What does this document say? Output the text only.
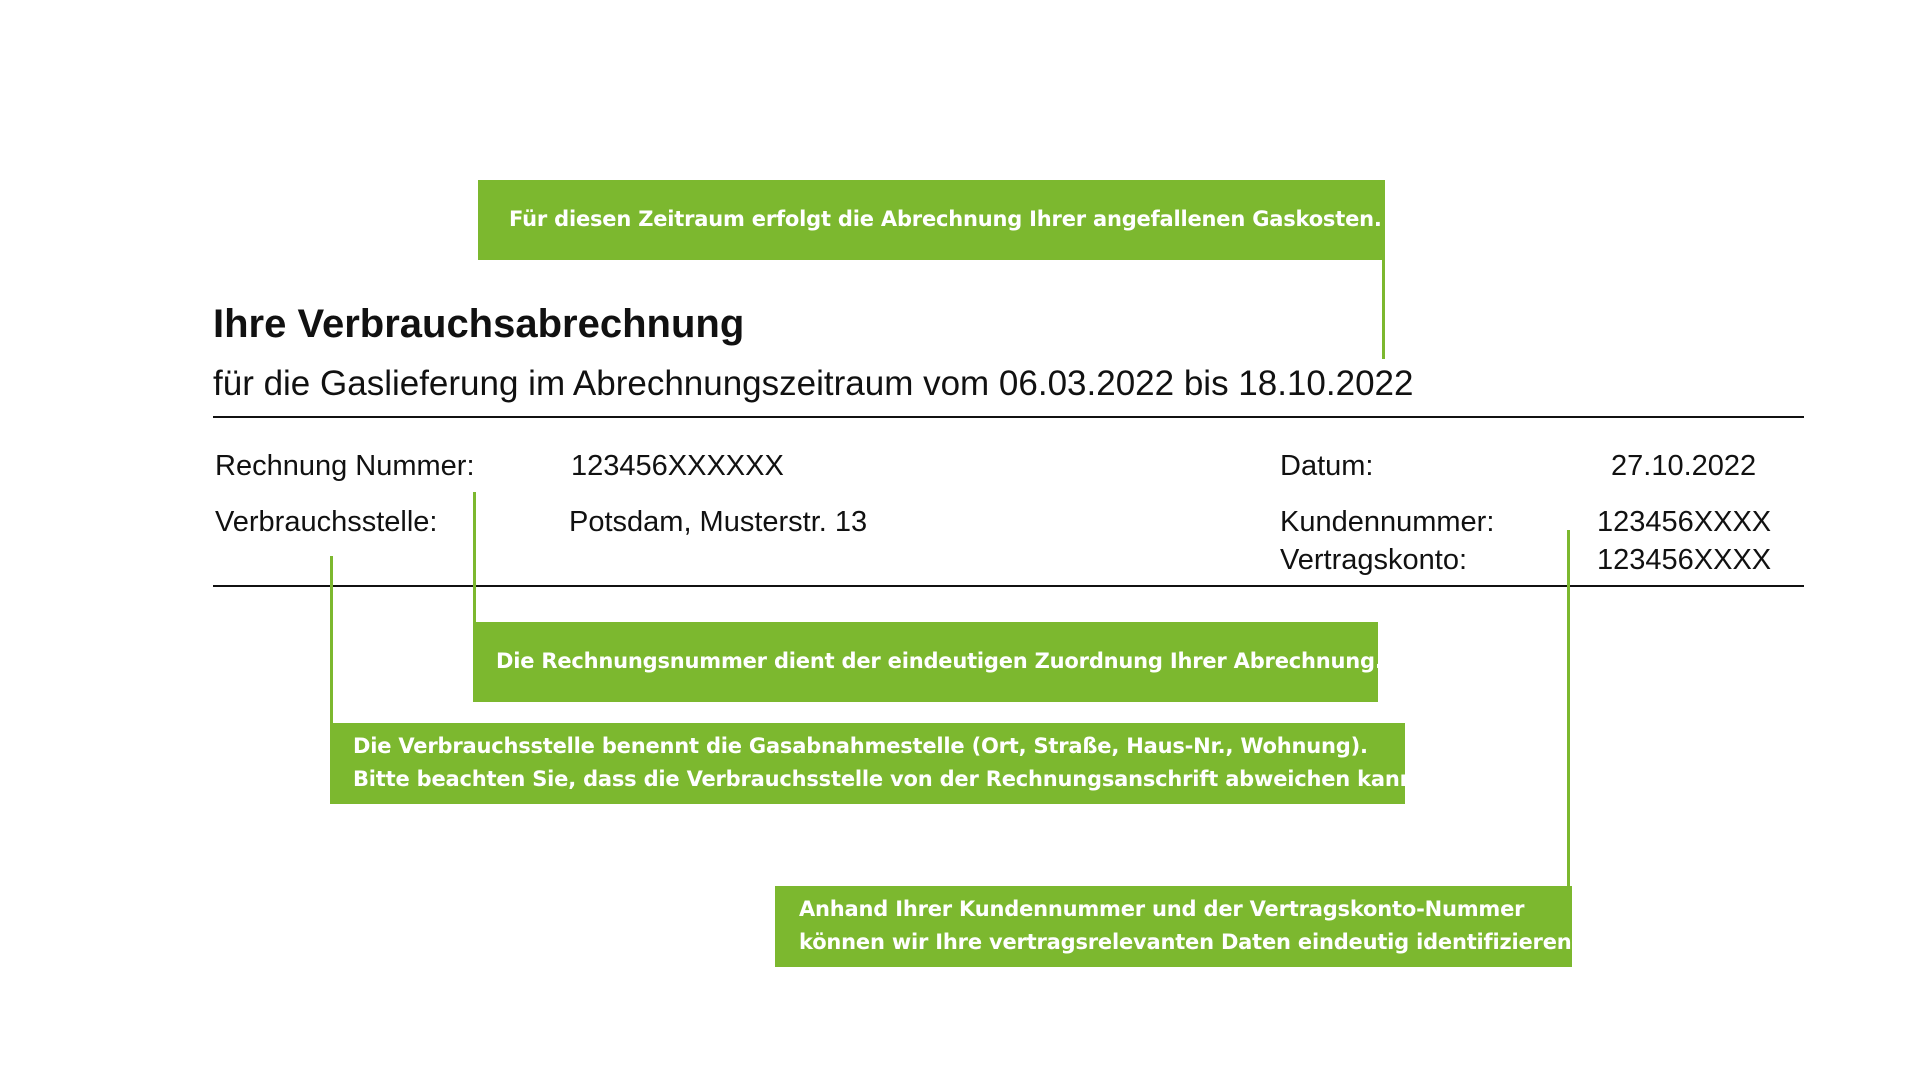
Für diesen Zeitraum erfolgt die Abrechnung Ihrer angefallenen Gaskosten.
Ihre Verbrauchsabrechnung
für die Gaslieferung im Abrechnungszeitraum vom 06.03.2022 bis 18.10.2022
Rechnung Nummer:	123456XXXXXX	Datum:	27.10.2022
Verbrauchsstelle:	Potsdam, Musterstr. 13	Kundennummer:	123456XXXX
Vertragskonto:	123456XXXX
Die Rechnungsnummer dient der eindeutigen Zuordnung Ihrer Abrechnung.
Die Verbrauchsstelle benennt die Gasabnahmestelle (Ort, Straße, Haus-Nr., Wohnung).
Bitte beachten Sie, dass die Verbrauchsstelle von der Rechnungsanschrift abweichen kann.
Anhand Ihrer Kundennummer und der Vertragskonto-Nummer
können wir Ihre vertragsrelevanten Daten eindeutig identifizieren.
